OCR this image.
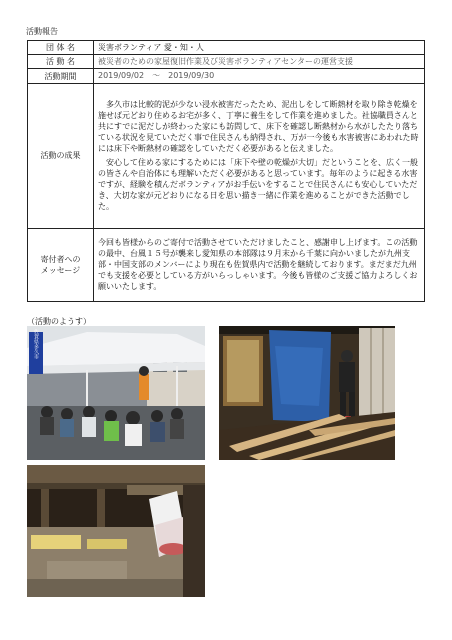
活動報告
団 体 名	災害ボランティア 愛・知・人
活 動 名	被災者のための家屋復旧作業及び災害ボランティアセンターの運営支援
活動期間	2019/09/02　〜　2019/09/30
活動の成果	多久市は比較的泥が少ない浸水被害だったため、泥出しをして断熱材を取り除き乾燥を施せば元どおり住めるお宅が多く、丁寧に養生をして作業を進めました。社協職員さんと共にすでに泥だしが終わった家にも訪問して、床下を確認し断熱材から水がしたたり落ちている状況を見ていただく事で住民さんも納得され、万が一今後も水害被害にあわれた時には床下や断熱材の確認をしていただく必要があると伝えました。
安心して住める家にするためには「床下や壁の乾燥が大切」だということを、広く一般の皆さんや自治体にも理解いただく必要があると思っています。毎年のように起きる水害ですが、経験を積んだボランティアがお手伝いをすることで住民さんにも安心していただき、大切な家が元どおりになる日を思い描き一緒に作業を進めることができた活動でした。

寄付者への
メッセージ	今回も皆様からのご寄付で活動させていただけましたこと、感謝申し上げます。この活動の最中、台風１５号が襲来し愛知県の本部隊は９月末から千葉に向かいましたが九州支部・中国支部のメンバーにより現在も佐賀県内で活動を継続しております。まだまだ九州でも支援を必要としている方がいらっしゃいます。今後も皆様のご支援ご協力よろしくお願いいたします。
（活動のようす）
佐賀県多久市
